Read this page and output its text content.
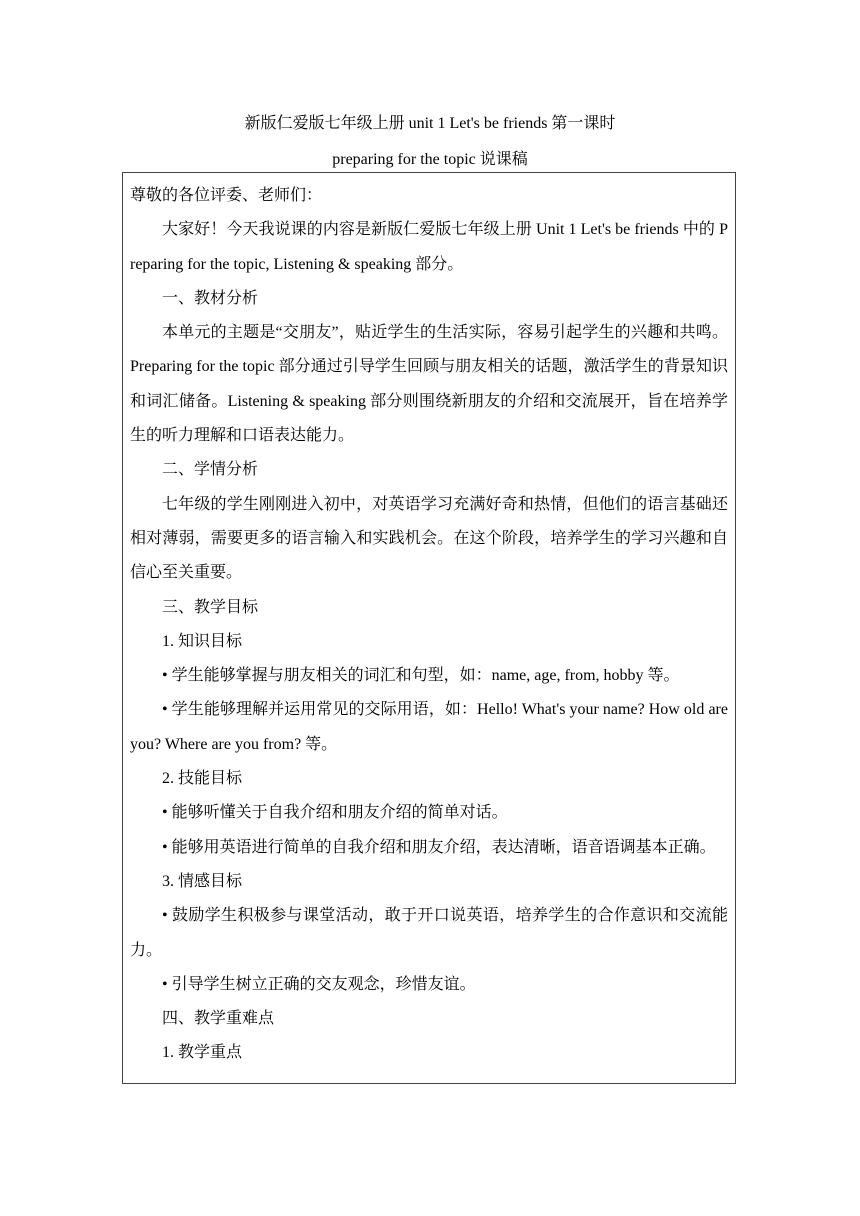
新版仁爱版七年级上册 unit 1 Let's be friends 第一课时
preparing for the topic 说课稿

尊敬的各位评委、老师们：

大家好！今天我说课的内容是新版仁爱版七年级上册 Unit 1 Let's be friends 中的 Preparing for the topic, Listening & speaking 部分。

一、教材分析

本单元的主题是“交朋友”，贴近学生的生活实际，容易引起学生的兴趣和共鸣。Preparing for the topic 部分通过引导学生回顾与朋友相关的话题，激活学生的背景知识和词汇储备。Listening & speaking 部分则围绕新朋友的介绍和交流展开，旨在培养学生的听力理解和口语表达能力。

二、学情分析

七年级的学生刚刚进入初中，对英语学习充满好奇和热情，但他们的语言基础还相对薄弱，需要更多的语言输入和实践机会。在这个阶段，培养学生的学习兴趣和自信心至关重要。

三、教学目标

1. 知识目标

• 学生能够掌握与朋友相关的词汇和句型，如：name, age, from, hobby 等。

• 学生能够理解并运用常见的交际用语，如：Hello! What's your name? How old are you? Where are you from? 等。

2. 技能目标

• 能够听懂关于自我介绍和朋友介绍的简单对话。

• 能够用英语进行简单的自我介绍和朋友介绍，表达清晰，语音语调基本正确。

3. 情感目标

• 鼓励学生积极参与课堂活动，敢于开口说英语，培养学生的合作意识和交流能力。

• 引导学生树立正确的交友观念，珍惜友谊。

四、教学重难点

1. 教学重点
